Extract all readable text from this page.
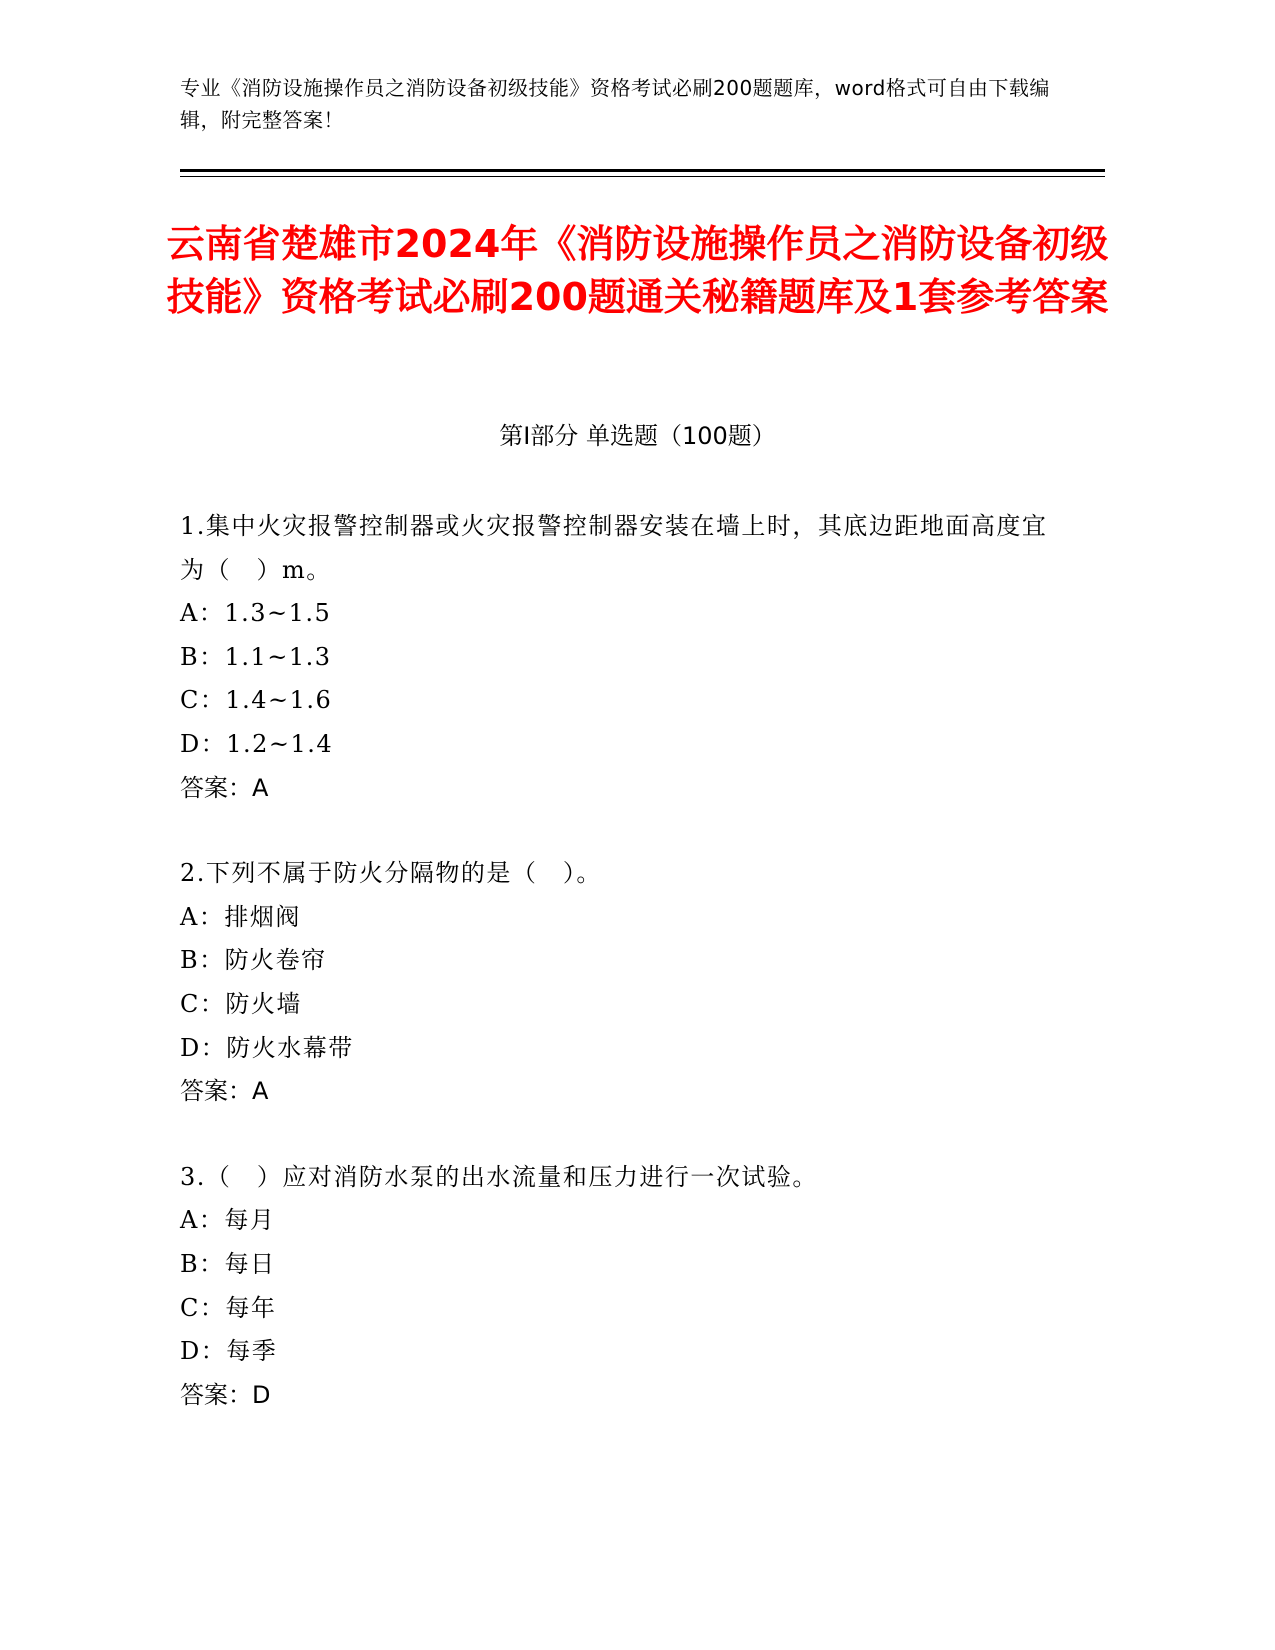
专业《消防设施操作员之消防设备初级技能》资格考试必刷200题题库，word格式可自由下载编辑，附完整答案！
云南省楚雄市2024年《消防设施操作员之消防设备初级技能》资格考试必刷200题通关秘籍题库及1套参考答案
第I部分 单选题（100题）

1.集中火灾报警控制器或火灾报警控制器安装在墙上时，其底边距地面高度宜为（　）m。

A：1.3~1.5

B：1.1~1.3

C：1.4~1.6

D：1.2~1.4

答案：A

2.下列不属于防火分隔物的是（　）。

A：排烟阀

B：防火卷帘

C：防火墙

D：防火水幕带

答案：A

3.（　）应对消防水泵的出水流量和压力进行一次试验。

A：每月

B：每日

C：每年

D：每季

答案：D
